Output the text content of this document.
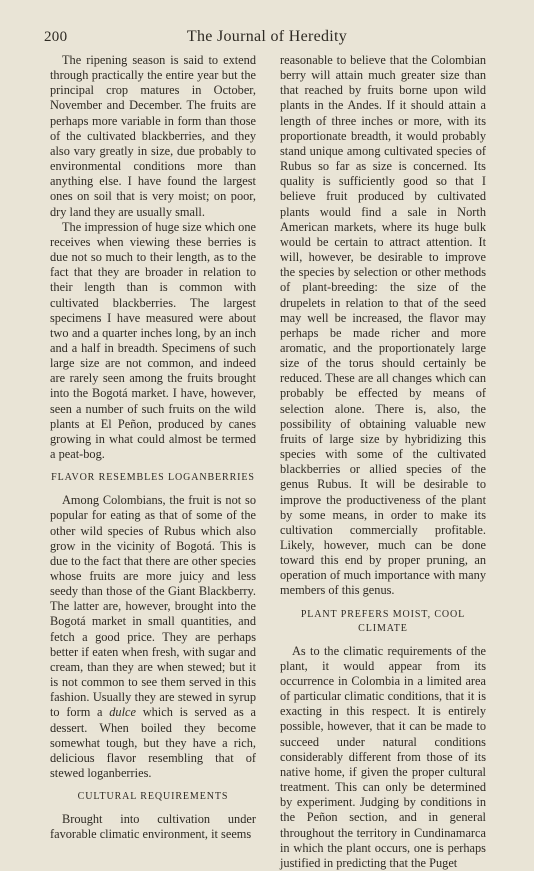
200	The Journal of Heredity

The ripening season is said to extend through practically the entire year but the principal crop matures in October, November and December. The fruits are perhaps more variable in form than those of the cultivated blackberries, and they also vary greatly in size, due probably to environmental conditions more than anything else. I have found the largest ones on soil that is very moist; on poor, dry land they are usually small.

The impression of huge size which one receives when viewing these berries is due not so much to their length, as to the fact that they are broader in relation to their length than is common with cultivated blackberries. The largest specimens I have measured were about two and a quarter inches long, by an inch and a half in breadth. Specimens of such large size are not common, and indeed are rarely seen among the fruits brought into the Bogotá market. I have, however, seen a number of such fruits on the wild plants at El Peñon, produced by canes growing in what could almost be termed a peat-bog.

FLAVOR RESEMBLES LOGANBERRIES

Among Colombians, the fruit is not so popular for eating as that of some of the other wild species of Rubus which also grow in the vicinity of Bogotá. This is due to the fact that there are other species whose fruits are more juicy and less seedy than those of the Giant Blackberry. The latter are, however, brought into the Bogotá market in small quantities, and fetch a good price. They are perhaps better if eaten when fresh, with sugar and cream, than they are when stewed; but it is not common to see them served in this fashion. Usually they are stewed in syrup to form a dulce which is served as a dessert. When boiled they become somewhat tough, but they have a rich, delicious flavor resembling that of stewed loganberries.

CULTURAL REQUIREMENTS

Brought into cultivation under favorable climatic environment, it seems

reasonable to believe that the Colombian berry will attain much greater size than that reached by fruits borne upon wild plants in the Andes. If it should attain a length of three inches or more, with its proportionate breadth, it would probably stand unique among cultivated species of Rubus so far as size is concerned. Its quality is sufficiently good so that I believe fruit produced by cultivated plants would find a sale in North American markets, where its huge bulk would be certain to attract attention. It will, however, be desirable to improve the species by selection or other methods of plant-breeding: the size of the drupelets in relation to that of the seed may well be increased, the flavor may perhaps be made richer and more aromatic, and the proportionately large size of the torus should certainly be reduced. These are all changes which can probably be effected by means of selection alone. There is, also, the possibility of obtaining valuable new fruits of large size by hybridizing this species with some of the cultivated blackberries or allied species of the genus Rubus. It will be desirable to improve the productiveness of the plant by some means, in order to make its cultivation commercially profitable. Likely, however, much can be done toward this end by proper pruning, an operation of much importance with many members of this genus.

PLANT PREFERS MOIST, COOL CLIMATE

As to the climatic requirements of the plant, it would appear from its occurrence in Colombia in a limited area of particular climatic conditions, that it is exacting in this respect. It is entirely possible, however, that it can be made to succeed under natural conditions considerably different from those of its native home, if given the proper cultural treatment. This can only be determined by experiment. Judging by conditions in the Peñon section, and in general throughout the territory in Cundinamarca in which the plant occurs, one is perhaps justified in predicting that the Puget
